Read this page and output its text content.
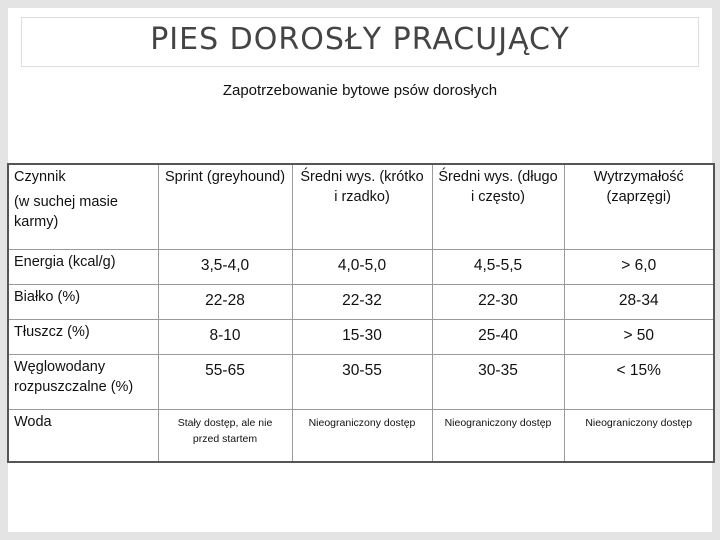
PIES DOROSŁY PRACUJĄCY
Zapotrzebowanie bytowe psów dorosłych
Czynnik
(w suchej masie karmy)	Sprint (greyhound)	Średni wys. (krótko i rzadko)	Średni wys. (długo i często)	Wytrzymałość (zaprzęgi)
Energia (kcal/g)	3,5-4,0	4,0-5,0	4,5-5,5	> 6,0
Białko (%)	22-28	22-32	22-30	28-34
Tłuszcz (%)	8-10	15-30	25-40	> 50
Węglowodany rozpuszczalne (%)	55-65	30-55	30-35	< 15%
Woda	Stały dostęp, ale nie przed startem	Nieograniczony dostęp	Nieograniczony dostęp	Nieograniczony dostęp
